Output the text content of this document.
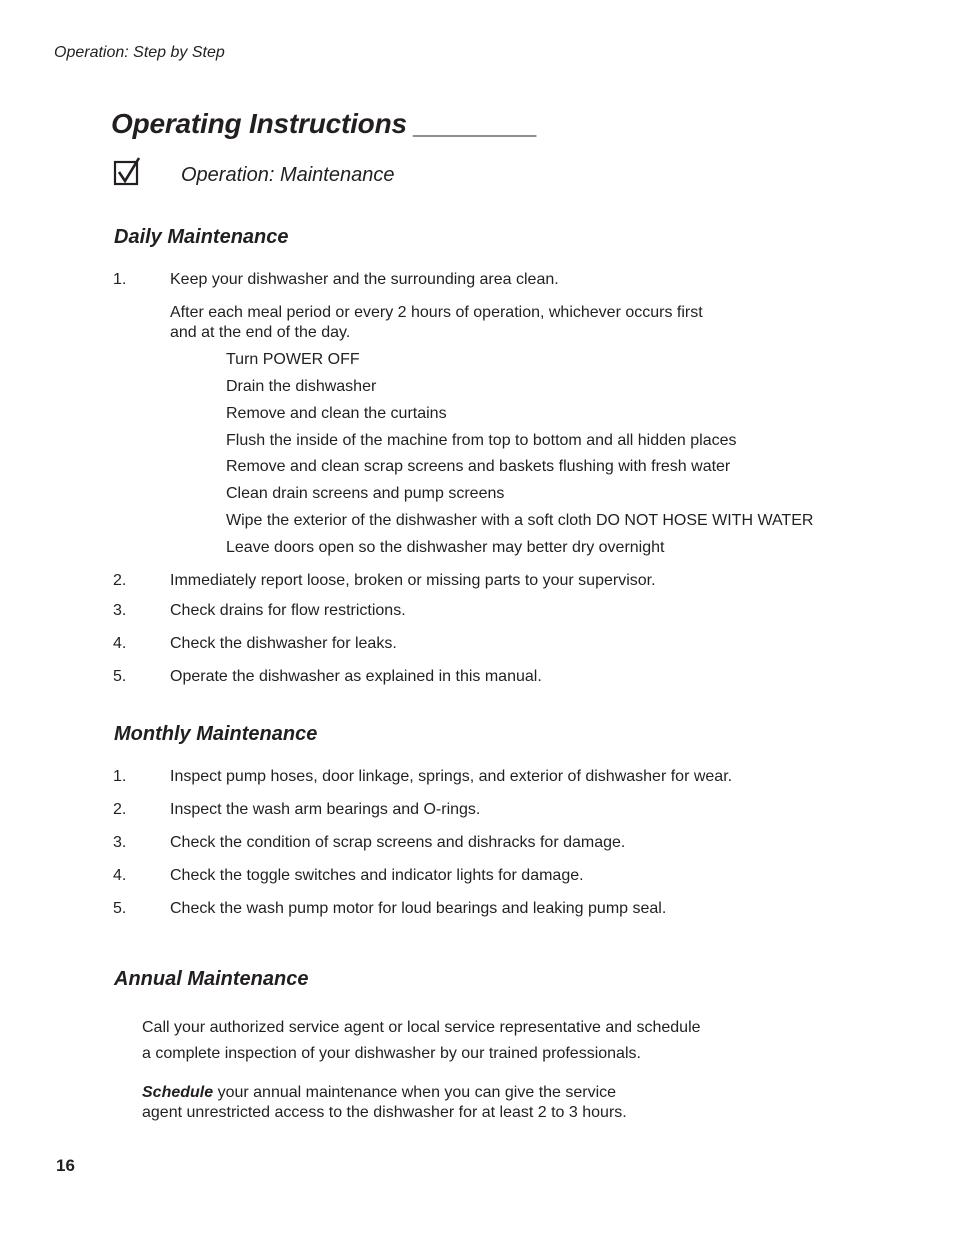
Operation: Step by Step
Operating Instructions ________
Operation: Maintenance
Daily Maintenance
1.	Keep your dishwasher and the surrounding area clean.
After each meal period or every 2 hours of operation, whichever occurs first
and at the end of the day.
Turn POWER OFF
Drain the dishwasher
Remove and clean the curtains
Flush the inside of the machine from top to bottom and all hidden places
Remove and clean scrap screens and baskets flushing with fresh water
Clean drain screens and pump screens
Wipe the exterior of the dishwasher with a soft cloth DO NOT HOSE WITH WATER
Leave doors open so the dishwasher may better dry overnight
2.	Immediately report loose, broken or missing parts to your supervisor.
3.	Check drains for flow restrictions.
4.	Check the dishwasher for leaks.
5.	Operate the dishwasher as explained in this manual.
Monthly Maintenance
1.	Inspect pump hoses, door linkage, springs, and exterior of dishwasher for wear.
2.	Inspect the wash arm bearings and O-rings.
3.	Check the condition of scrap screens and dishracks for damage.
4.	Check the toggle switches and indicator lights for damage.
5.	Check the wash pump motor for loud bearings and leaking pump seal.
Annual Maintenance
Call your authorized service agent or local service representative and schedule
a complete inspection of your dishwasher by our trained professionals.
Schedule your annual maintenance when you can give the service
agent unrestricted access to the dishwasher for at least 2 to 3 hours.
16
